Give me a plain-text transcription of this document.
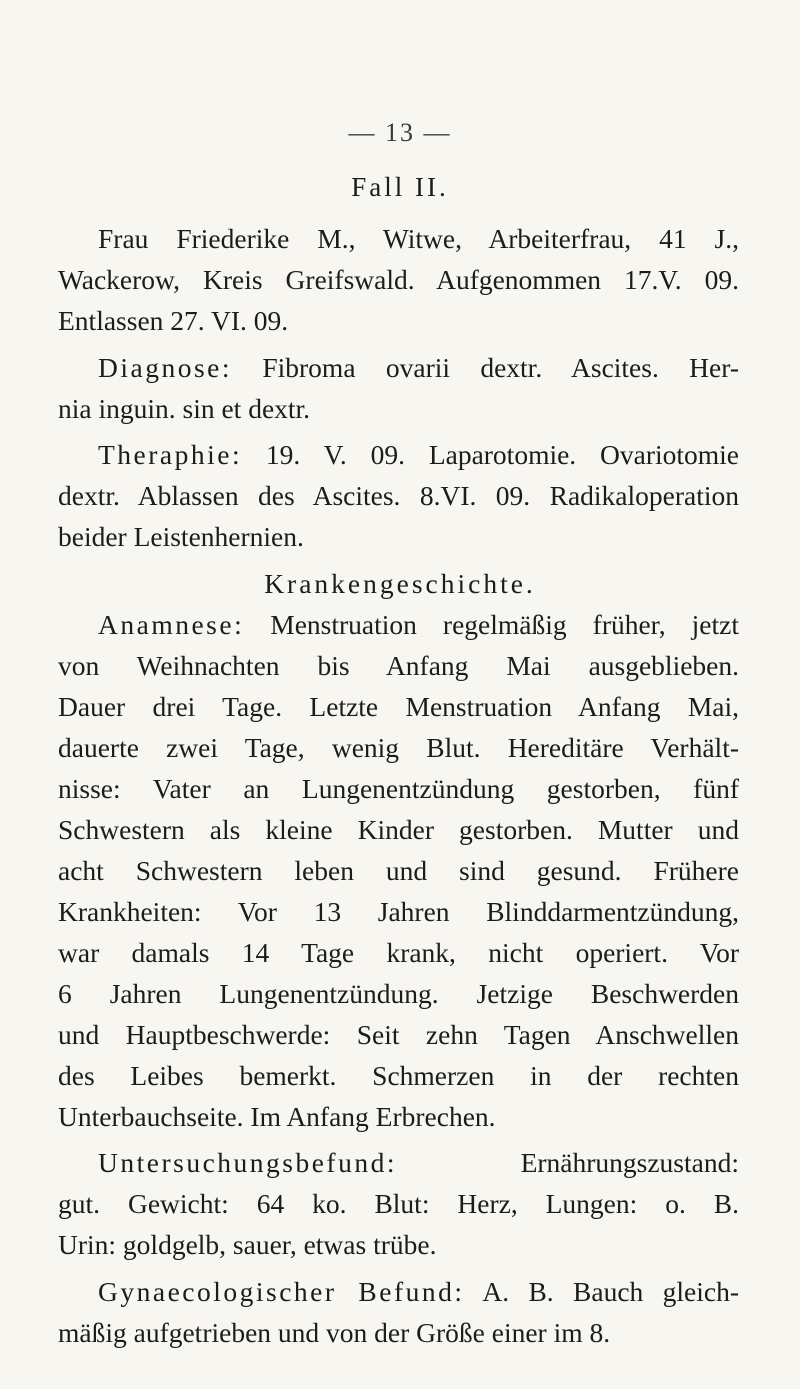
— 13 —
Fall II.
Frau Friederike M., Witwe, Arbeiterfrau, 41 J.,
Wackerow, Kreis Greifswald. Aufgenommen 17.V. 09.
Entlassen 27. VI. 09.
Diagnose: Fibroma ovarii dextr. Ascites. Her-
nia inguin. sin et dextr.
Theraphie: 19. V. 09. Laparotomie. Ovariotomie
dextr. Ablassen des Ascites. 8.VI. 09. Radikaloperation
beider Leistenhernien.
Krankengeschichte.
Anamnese: Menstruation regelmäßig früher, jetzt
von Weihnachten bis Anfang Mai ausgeblieben.
Dauer drei Tage. Letzte Menstruation Anfang Mai,
dauerte zwei Tage, wenig Blut. Hereditäre Verhält-
nisse: Vater an Lungenentzündung gestorben, fünf
Schwestern als kleine Kinder gestorben. Mutter und
acht Schwestern leben und sind gesund. Frühere
Krankheiten: Vor 13 Jahren Blinddarmentzündung,
war damals 14 Tage krank, nicht operiert. Vor
6 Jahren Lungenentzündung. Jetzige Beschwerden
und Hauptbeschwerde: Seit zehn Tagen Anschwellen
des Leibes bemerkt. Schmerzen in der rechten
Unterbauchseite. Im Anfang Erbrechen.
Untersuchungsbefund: Ernährungszustand:
gut. Gewicht: 64 ko. Blut: Herz, Lungen: o. B.
Urin: goldgelb, sauer, etwas trübe.
Gynaecologischer Befund: A. B. Bauch gleich-
mäßig aufgetrieben und von der Größe einer im 8.
